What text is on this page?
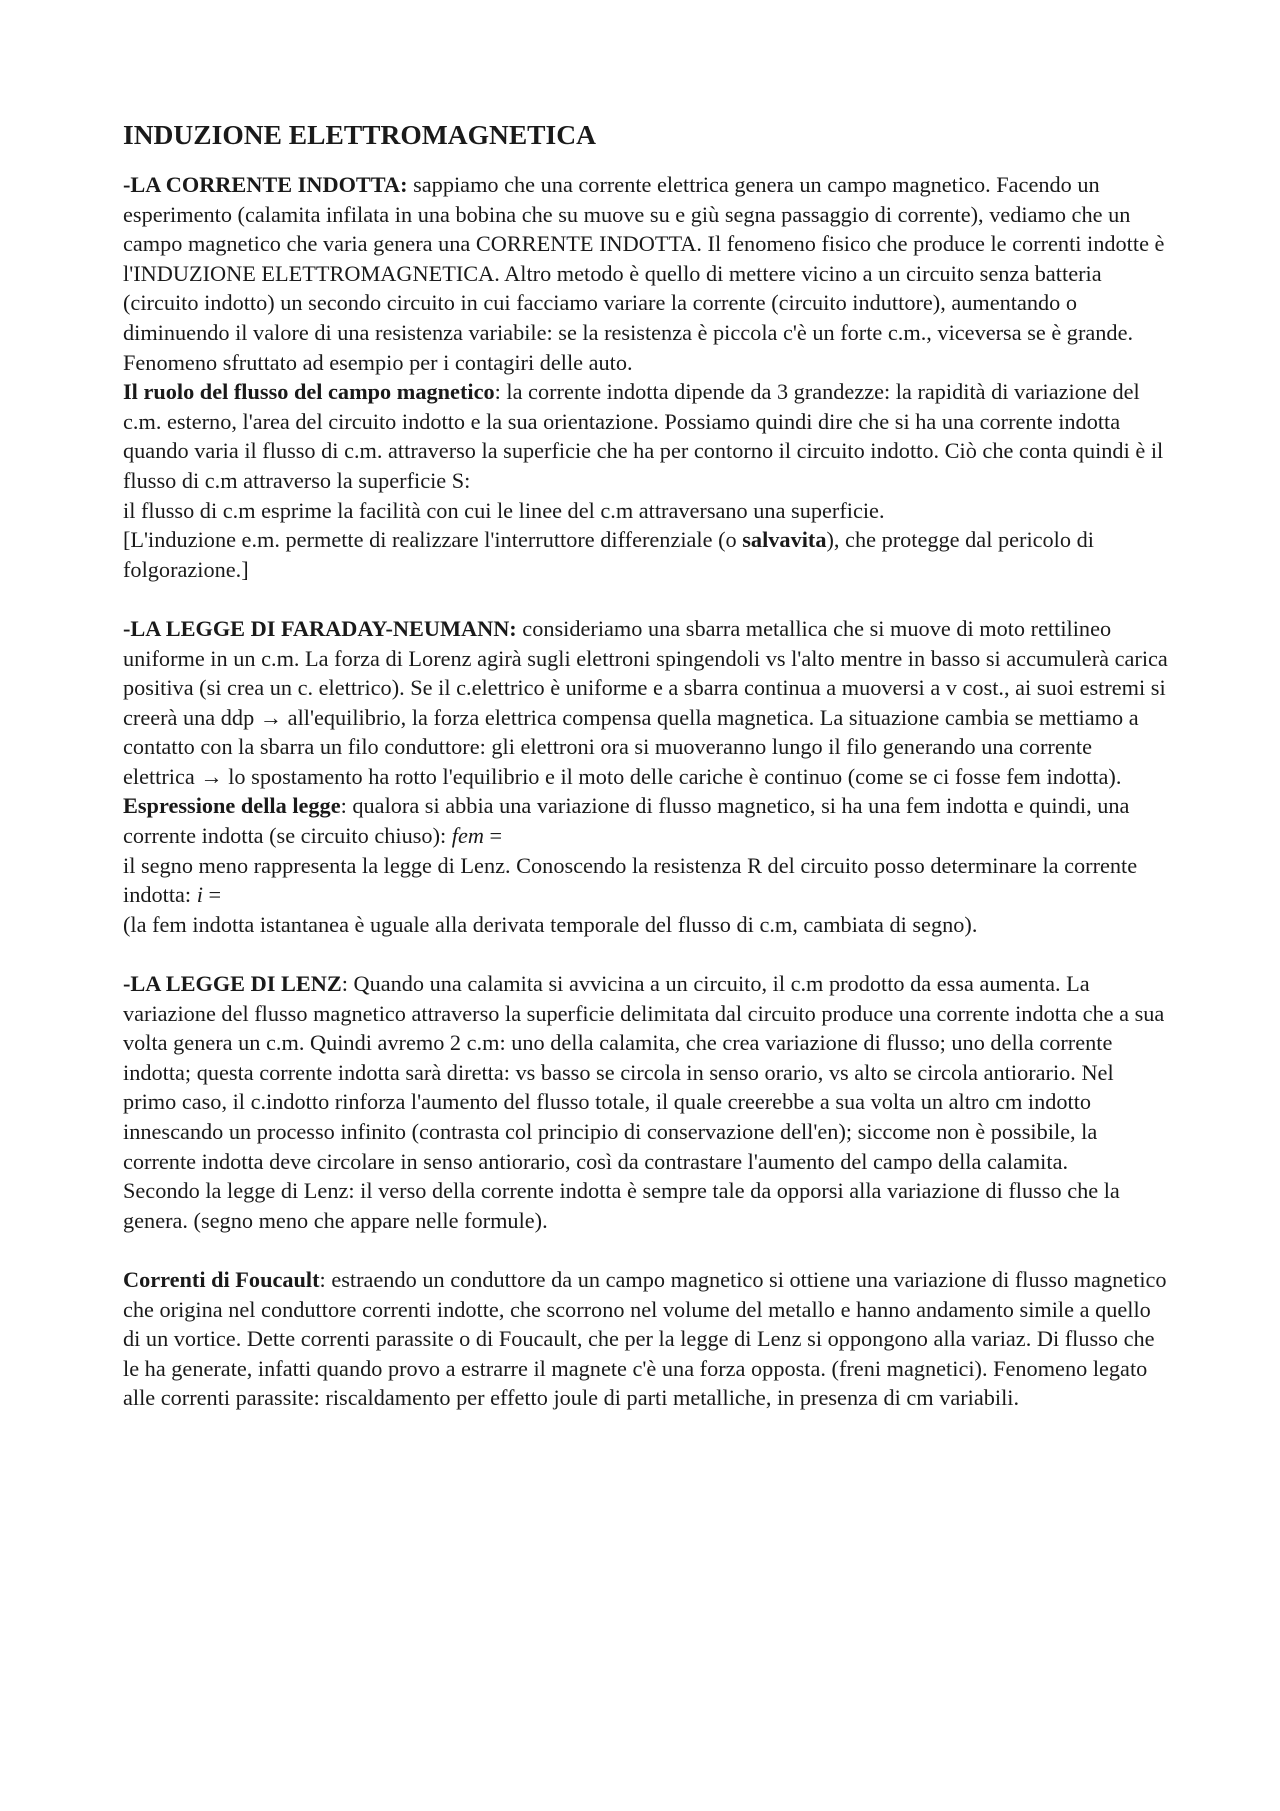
INDUZIONE ELETTROMAGNETICA

-LA CORRENTE INDOTTA: sappiamo che una corrente elettrica genera un campo magnetico. Facendo un esperimento (calamita infilata in una bobina che su muove su e giù segna passaggio di corrente), vediamo che un campo magnetico che varia genera una CORRENTE INDOTTA. Il fenomeno fisico che produce le correnti indotte è l'INDUZIONE ELETTROMAGNETICA. Altro metodo è quello di mettere vicino a un circuito senza batteria (circuito indotto) un secondo circuito in cui facciamo variare la corrente (circuito induttore), aumentando o diminuendo il valore di una resistenza variabile: se la resistenza è piccola c'è un forte c.m., viceversa se è grande. Fenomeno sfruttato ad esempio per i contagiri delle auto.

Il ruolo del flusso del campo magnetico: la corrente indotta dipende da 3 grandezze: la rapidità di variazione del c.m. esterno, l'area del circuito indotto e la sua orientazione. Possiamo quindi dire che si ha una corrente indotta quando varia il flusso di c.m. attraverso la superficie che ha per contorno il circuito indotto. Ciò che conta quindi è il flusso di c.m attraverso la superficie S:

il flusso di c.m esprime la facilità con cui le linee del c.m attraversano una superficie.

[L'induzione e.m. permette di realizzare l'interruttore differenziale (o salvavita), che protegge dal pericolo di folgorazione.]

-LA LEGGE DI FARADAY-NEUMANN: consideriamo una sbarra metallica che si muove di moto rettilineo uniforme in un c.m. La forza di Lorenz agirà sugli elettroni spingendoli vs l'alto mentre in basso si accumulerà carica positiva (si crea un c. elettrico). Se il c.elettrico è uniforme e a sbarra continua a muoversi a v cost., ai suoi estremi si creerà una ddp → all'equilibrio, la forza elettrica compensa quella magnetica. La situazione cambia se mettiamo a contatto con la sbarra un filo conduttore: gli elettroni ora si muoveranno lungo il filo generando una corrente elettrica → lo spostamento ha rotto l'equilibrio e il moto delle cariche è continuo (come se ci fosse fem indotta).

Espressione della legge: qualora si abbia una variazione di flusso magnetico, si ha una fem indotta e quindi, una corrente indotta (se circuito chiuso): fem =

il segno meno rappresenta la legge di Lenz. Conoscendo la resistenza R del circuito posso determinare la corrente indotta: i =

(la fem indotta istantanea è uguale alla derivata temporale del flusso di c.m, cambiata di segno).

-LA LEGGE DI LENZ: Quando una calamita si avvicina a un circuito, il c.m prodotto da essa aumenta. La variazione del flusso magnetico attraverso la superficie delimitata dal circuito produce una corrente indotta che a sua volta genera un c.m. Quindi avremo 2 c.m: uno della calamita, che crea variazione di flusso; uno della corrente indotta; questa corrente indotta sarà diretta: vs basso se circola in senso orario, vs alto se circola antiorario. Nel primo caso, il c.indotto rinforza l'aumento del flusso totale, il quale creerebbe a sua volta un altro cm indotto innescando un processo infinito (contrasta col principio di conservazione dell'en); siccome non è possibile, la corrente indotta deve circolare in senso antiorario, così da contrastare l'aumento del campo della calamita.

Secondo la legge di Lenz: il verso della corrente indotta è sempre tale da opporsi alla variazione di flusso che la genera. (segno meno che appare nelle formule).

Correnti di Foucault: estraendo un conduttore da un campo magnetico si ottiene una variazione di flusso magnetico che origina nel conduttore correnti indotte, che scorrono nel volume del metallo e hanno andamento simile a quello di un vortice. Dette correnti parassite o di Foucault, che per la legge di Lenz si oppongono alla variaz. Di flusso che le ha generate, infatti quando provo a estrarre il magnete c'è una forza opposta. (freni magnetici). Fenomeno legato alle correnti parassite: riscaldamento per effetto joule di parti metalliche, in presenza di cm variabili.
